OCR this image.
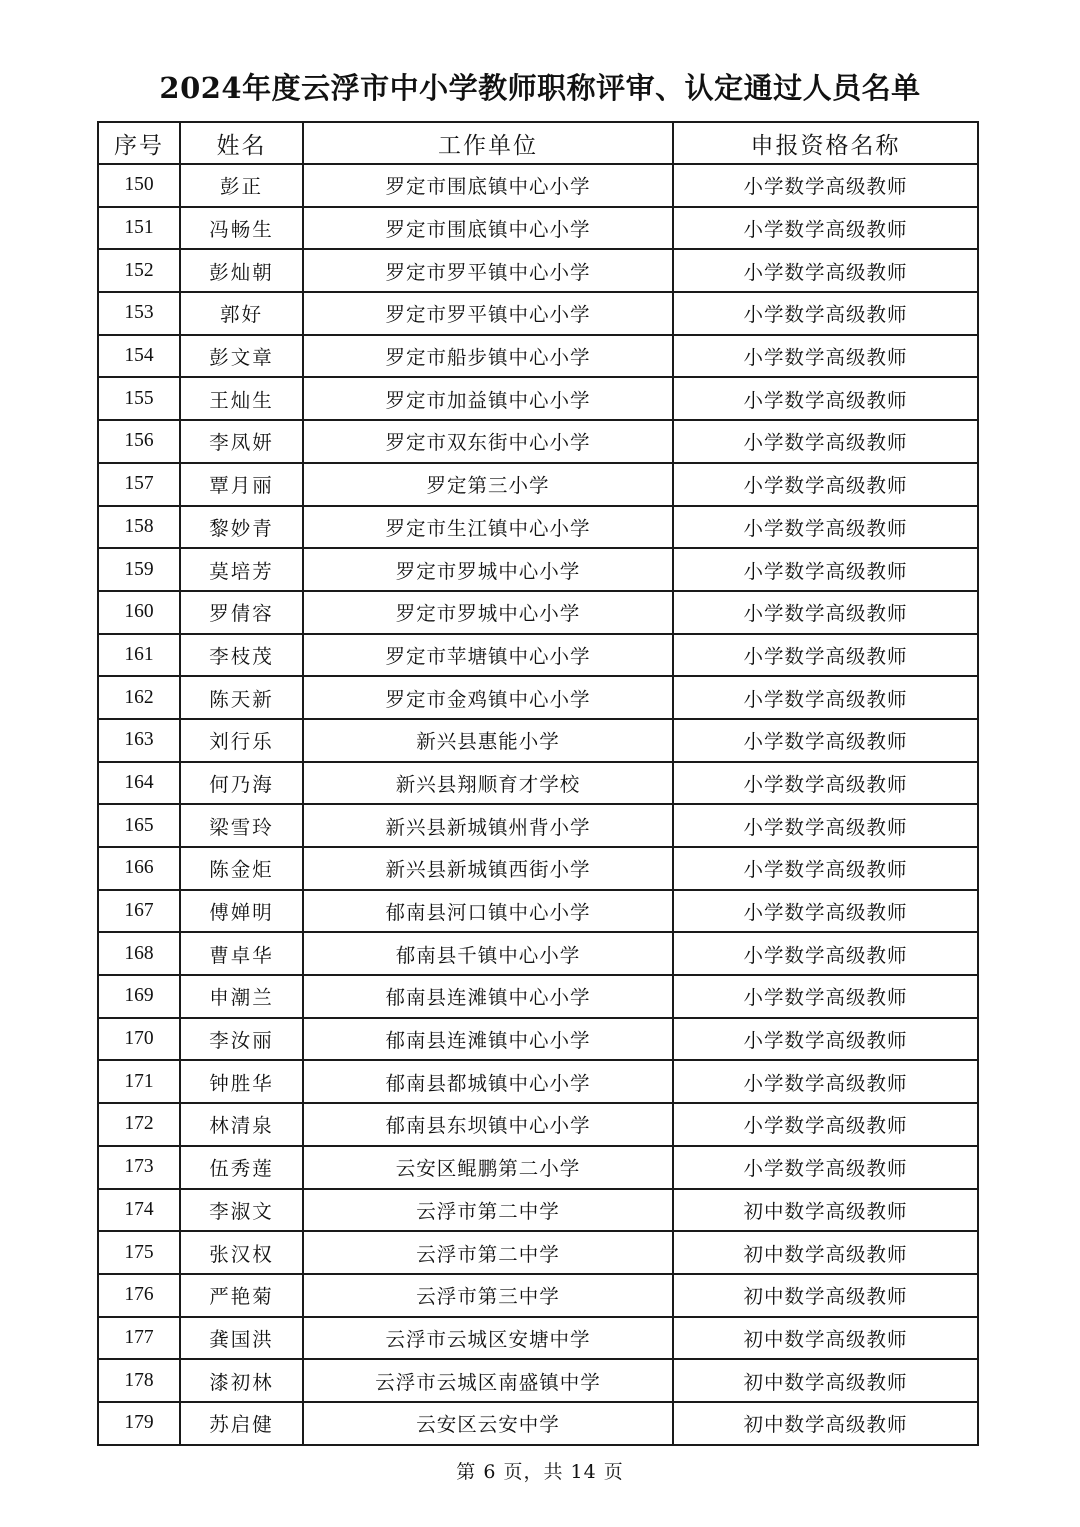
2024年度云浮市中小学教师职称评审、认定通过人员名单
序号	姓名	工作单位	申报资格名称
150	彭正	罗定市围底镇中心小学	小学数学高级教师
151	冯畅生	罗定市围底镇中心小学	小学数学高级教师
152	彭灿朝	罗定市罗平镇中心小学	小学数学高级教师
153	郭好	罗定市罗平镇中心小学	小学数学高级教师
154	彭文章	罗定市船步镇中心小学	小学数学高级教师
155	王灿生	罗定市加益镇中心小学	小学数学高级教师
156	李凤妍	罗定市双东街中心小学	小学数学高级教师
157	覃月丽	罗定第三小学	小学数学高级教师
158	黎妙青	罗定市生江镇中心小学	小学数学高级教师
159	莫培芳	罗定市罗城中心小学	小学数学高级教师
160	罗倩容	罗定市罗城中心小学	小学数学高级教师
161	李枝茂	罗定市苹塘镇中心小学	小学数学高级教师
162	陈天新	罗定市金鸡镇中心小学	小学数学高级教师
163	刘行乐	新兴县惠能小学	小学数学高级教师
164	何乃海	新兴县翔顺育才学校	小学数学高级教师
165	梁雪玲	新兴县新城镇州背小学	小学数学高级教师
166	陈金炬	新兴县新城镇西街小学	小学数学高级教师
167	傅婵明	郁南县河口镇中心小学	小学数学高级教师
168	曹卓华	郁南县千镇中心小学	小学数学高级教师
169	申潮兰	郁南县连滩镇中心小学	小学数学高级教师
170	李汝丽	郁南县连滩镇中心小学	小学数学高级教师
171	钟胜华	郁南县都城镇中心小学	小学数学高级教师
172	林清泉	郁南县东坝镇中心小学	小学数学高级教师
173	伍秀莲	云安区鲲鹏第二小学	小学数学高级教师
174	李淑文	云浮市第二中学	初中数学高级教师
175	张汉权	云浮市第二中学	初中数学高级教师
176	严艳菊	云浮市第三中学	初中数学高级教师
177	龚国洪	云浮市云城区安塘中学	初中数学高级教师
178	漆初林	云浮市云城区南盛镇中学	初中数学高级教师
179	苏启健	云安区云安中学	初中数学高级教师
第 6 页，共 14 页
